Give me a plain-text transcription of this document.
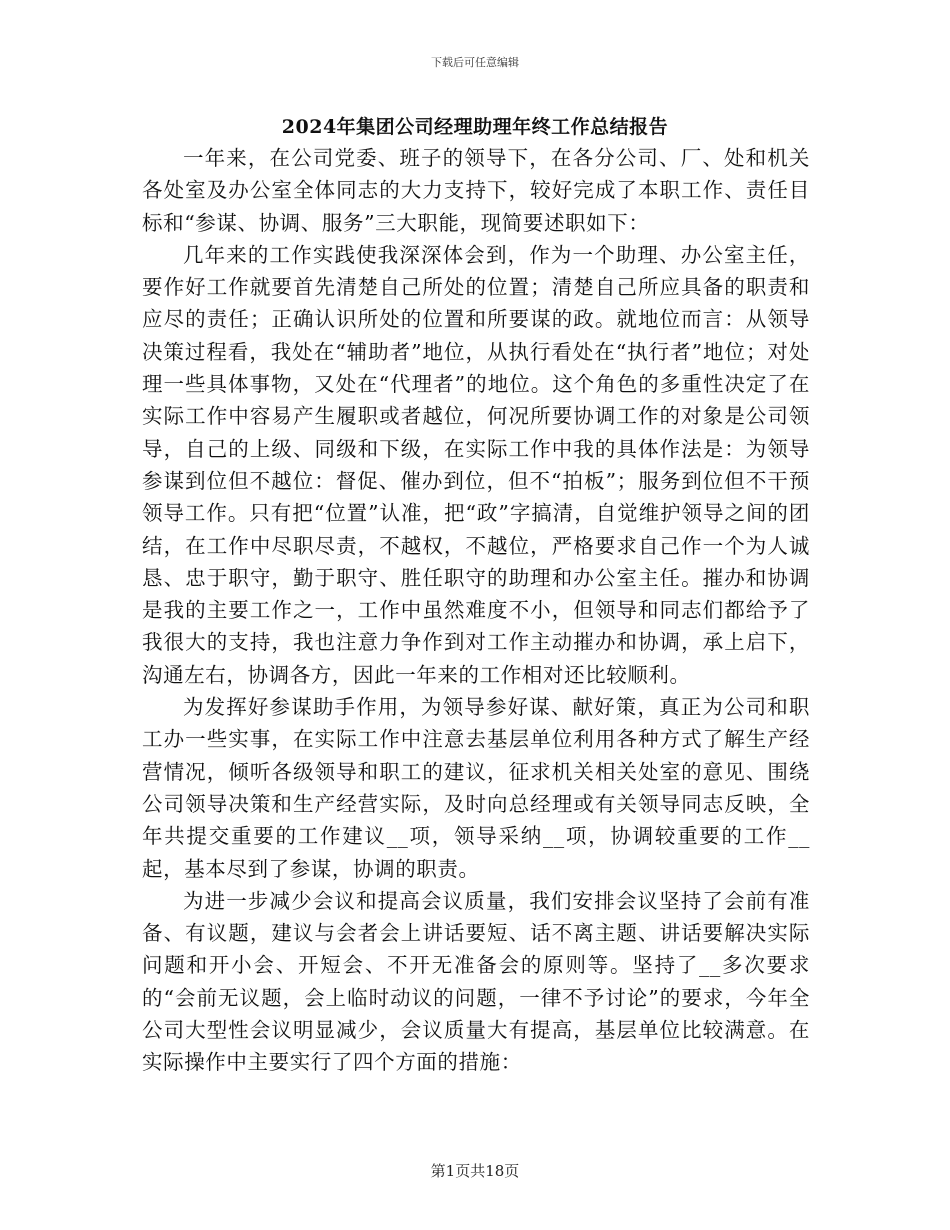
下载后可任意编辑
2024年集团公司经理助理年终工作总结报告

一年来，在公司党委、班子的领导下，在各分公司、厂、处和机关各处室及办公室全体同志的大力支持下，较好完成了本职工作、责任目标和“参谋、协调、服务”三大职能，现简要述职如下：

几年来的工作实践使我深深体会到，作为一个助理、办公室主任，要作好工作就要首先清楚自己所处的位置；清楚自己所应具备的职责和应尽的责任；正确认识所处的位置和所要谋的政。就地位而言：从领导决策过程看，我处在“辅助者”地位，从执行看处在“执行者”地位；对处理一些具体事物，又处在“代理者”的地位。这个角色的多重性决定了在实际工作中容易产生履职或者越位，何况所要协调工作的对象是公司领导，自己的上级、同级和下级，在实际工作中我的具体作法是：为领导参谋到位但不越位：督促、催办到位，但不“拍板”；服务到位但不干预领导工作。只有把“位置”认准，把“政”字搞清，自觉维护领导之间的团结，在工作中尽职尽责，不越权，不越位，严格要求自己作一个为人诚恳、忠于职守，勤于职守、胜任职守的助理和办公室主任。摧办和协调是我的主要工作之一，工作中虽然难度不小，但领导和同志们都给予了我很大的支持，我也注意力争作到对工作主动摧办和协调，承上启下，沟通左右，协调各方，因此一年来的工作相对还比较顺利。

为发挥好参谋助手作用，为领导参好谋、献好策，真正为公司和职工办一些实事，在实际工作中注意去基层单位利用各种方式了解生产经营情况，倾听各级领导和职工的建议，征求机关相关处室的意见、围绕公司领导决策和生产经营实际，及时向总经理或有关领导同志反映，全年共提交重要的工作建议__项，领导采纳__项，协调较重要的工作__起，基本尽到了参谋，协调的职责。

为进一步减少会议和提高会议质量，我们安排会议坚持了会前有准备、有议题，建议与会者会上讲话要短、话不离主题、讲话要解决实际问题和开小会、开短会、不开无准备会的原则等。坚持了__多次要求的“会前无议题，会上临时动议的问题，一律不予讨论”的要求，今年全公司大型性会议明显减少，会议质量大有提高，基层单位比较满意。在实际操作中主要实行了四个方面的措施：

第1页共18页
